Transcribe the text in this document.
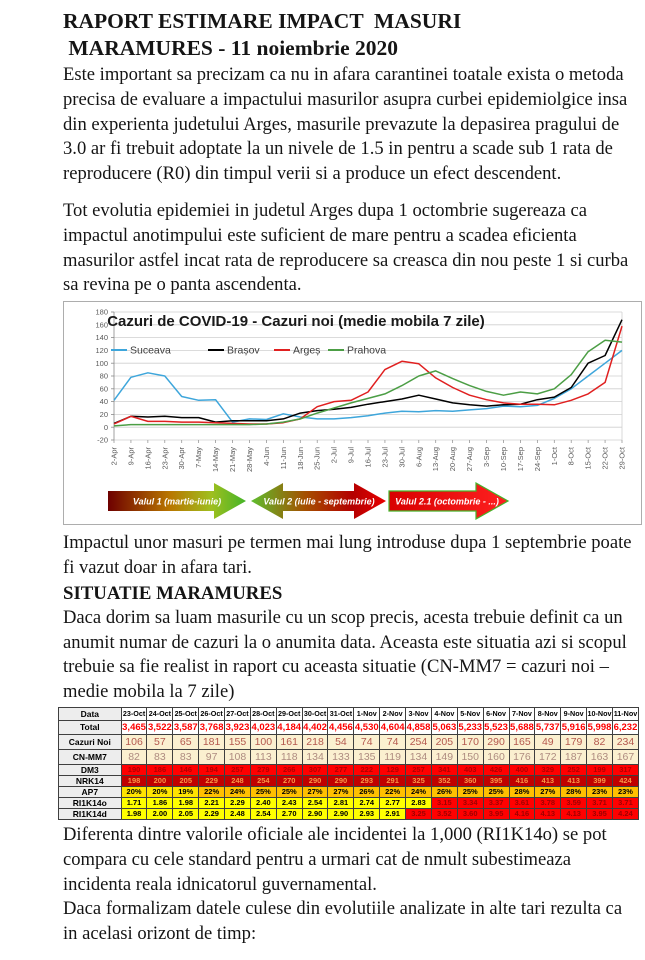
RAPORT ESTIMARE IMPACT  MASURI
MARAMURES - 11 noiembrie 2020

Este important sa precizam ca nu in afara carantinei toatale exista o metoda precisa de evaluare a impactului masurilor asupra curbei epidemiolgice insa din experienta judetului Arges, masurile prevazute la depasirea pragului de 3.0 ar fi trebuit adoptate la un nivele de 1.5 in pentru a scade sub 1 rata de reproducere (R0) din timpul verii si a produce un efect descendent.

Tot evolutia epidemiei in judetul Arges dupa 1 octombrie sugereaza ca impactul anotimpului este suficient de mare pentru a scadea eficienta masurilor astfel incat rata de reproducere sa creasca din nou peste 1 si curba sa revina pe o panta ascendenta.

-20
0
20
40
60
80
100
120
140
160
180
2-Apr 9-Apr 16-Apr 23-Apr 30-Apr 7-May 14-May 21-May 28-May 4-Jun 11-Jun 18-Jun 25-Jun 2-Jul 9-Jul 16-Jul 23-Jul 30-Jul 6-Aug 13-Aug 20-Aug 27-Aug 3-Sep 10-Sep 17-Sep 24-Sep 1-Oct 8-Oct 15-Oct 22-Oct 29-Oct
Cazuri de COVID-19 - Cazuri noi (medie mobila 7 zile)
Suceava	Brașov	Argeș	Prahova
Valul 1 (martie-iunie)	Valul 2 (iulie - septembrie) Valul 2.1 (octombrie - ...)

Impactul unor masuri pe termen mai lung introduse dupa 1 septembrie poate fi vazut doar in afara tari.

SITUATIE MARAMURES

Daca dorim sa luam masurile cu un scop precis, acesta trebuie definit ca un anumit numar de cazuri la o anumita data. Aceasta este situatia azi si scopul trebuie sa fie realist in raport cu aceasta situatie (CN-MM7 = cazuri noi – medie mobila la 7 zile)

Data	23-Oct	24-Oct	25-Oct	26-Oct	27-Oct	28-Oct	29-Oct	30-Oct	31-Oct	1-Nov	2-Nov	3-Nov	4-Nov	5-Nov	6-Nov	7-Nov	8-Nov	9-Nov	10-Nov	11-Nov
Total	3,465	3,522	3,587	3,768	3,923	4,023	4,184	4,402	4,456	4,530	4,604	4,858	5,063	5,233	5,523	5,688	5,737	5,916	5,998	6,232
Cazuri Noi	106	57	65	181	155	100	161	218	54	74	74	254	205	170	290	165	49	179	82	234
CN-MM7	82	83	83	97	108	113	118	134	133	135	119	134	149	150	160	176	172	187	163	167
DM3	190	186	146	194	257	279	266	307	277	222	129	257	341	403	426	400	329	252	199	317
NRK14	198	200	205	229	248	254	270	290	290	293	291	325	352	360	395	416	413	413	399	424
AP7	20%	20%	19%	22%	24%	25%	25%	27%	27%	26%	22%	24%	26%	25%	25%	28%	27%	28%	23%	23%
RI1K14o	1.71	1.86	1.98	2.21	2.29	2.40	2.43	2.54	2.81	2.74	2.77	2.83	3.15	3.34	3.37	3.61	3.78	3.59	3.71	3.71
RI1K14d	1.98	2.00	2.05	2.29	2.48	2.54	2.70	2.90	2.90	2.93	2.91	3.25	3.52	3.60	3.95	4.16	4.13	4.13	3.95	4.24

Diferenta dintre valorile oficiale ale incidentei la 1,000 (RI1K14o) se pot compara cu cele standard pentru a urmari cat de nmult subestimeaza incidenta reala idnicatorul guvernamental.

Daca formalizam datele culese din evolutiile analizate in alte tari rezulta ca in acelasi orizont de timp:
